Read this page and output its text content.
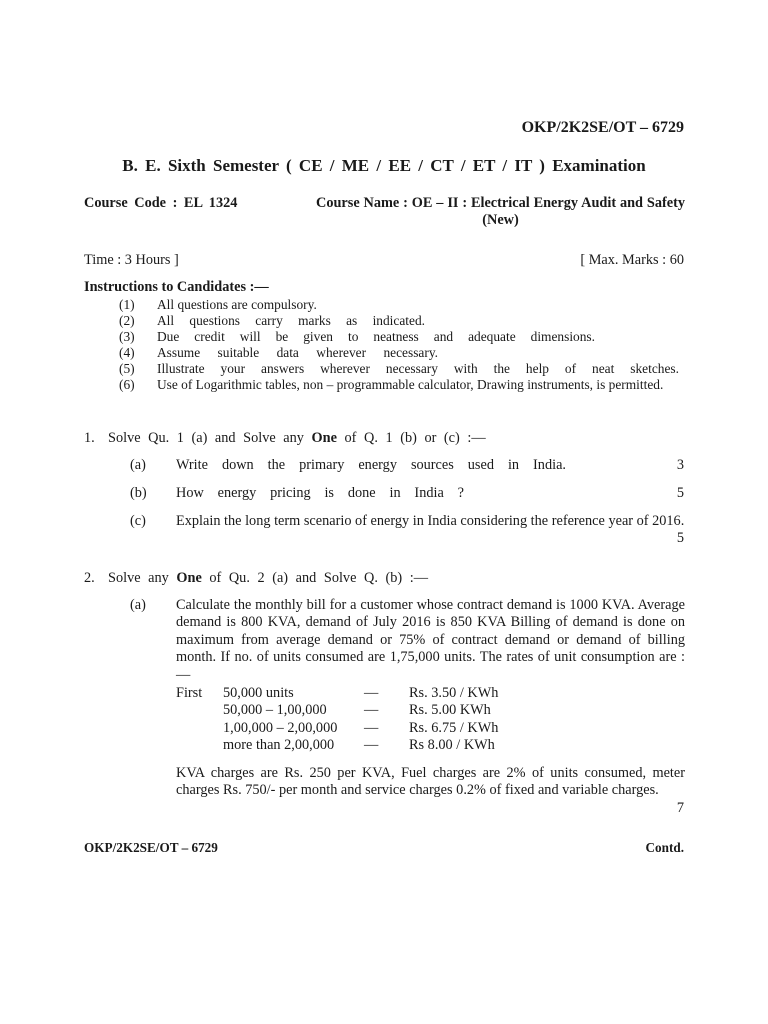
OKP/2K2SE/OT – 6729
B. E. Sixth Semester ( CE / ME / EE / CT / ET / IT ) Examination
Course Code : EL 1324	Course Name : OE – II : Electrical Energy Audit and Safety (New)
Time : 3 Hours ]	[ Max. Marks : 60
Instructions to Candidates :—
(1) All questions are compulsory.
(2) All questions carry marks as indicated.
(3) Due credit will be given to neatness and adequate dimensions.
(4) Assume suitable data wherever necessary.
(5) Illustrate your answers wherever necessary with the help of neat sketches.
(6) Use of Logarithmic tables, non – programmable calculator, Drawing instruments, is permitted.
1. Solve Qu. 1 (a) and Solve any One of Q. 1 (b) or (c) :—
(a) Write down the primary energy sources used in India.	3
(b) How energy pricing is done in India ?	5
(c) Explain the long term scenario of energy in India considering the reference year of 2016.
5
2. Solve any One of Qu. 2 (a) and Solve Q. (b) :—
(a) Calculate the monthly bill for a customer whose contract demand is 1000 KVA. Average demand is 800 KVA, demand of July 2016 is 850 KVA Billing of demand is done on maximum from average demand or 75% of contract demand or demand of billing month. If no. of units consumed are 1,75,000 units. The rates of unit consumption are :—
First 50,000 units	— Rs. 3.50 / KWh
50,000 – 1,00,000	— Rs. 5.00 KWh
1,00,000 – 2,00,000 — Rs. 6.75 / KWh
more than 2,00,000 — Rs 8.00 / KWh
KVA charges are Rs. 250 per KVA, Fuel charges are 2% of units consumed, meter charges Rs. 750/- per month and service charges 0.2% of fixed and variable charges.
7
OKP/2K2SE/OT – 6729	Contd.
